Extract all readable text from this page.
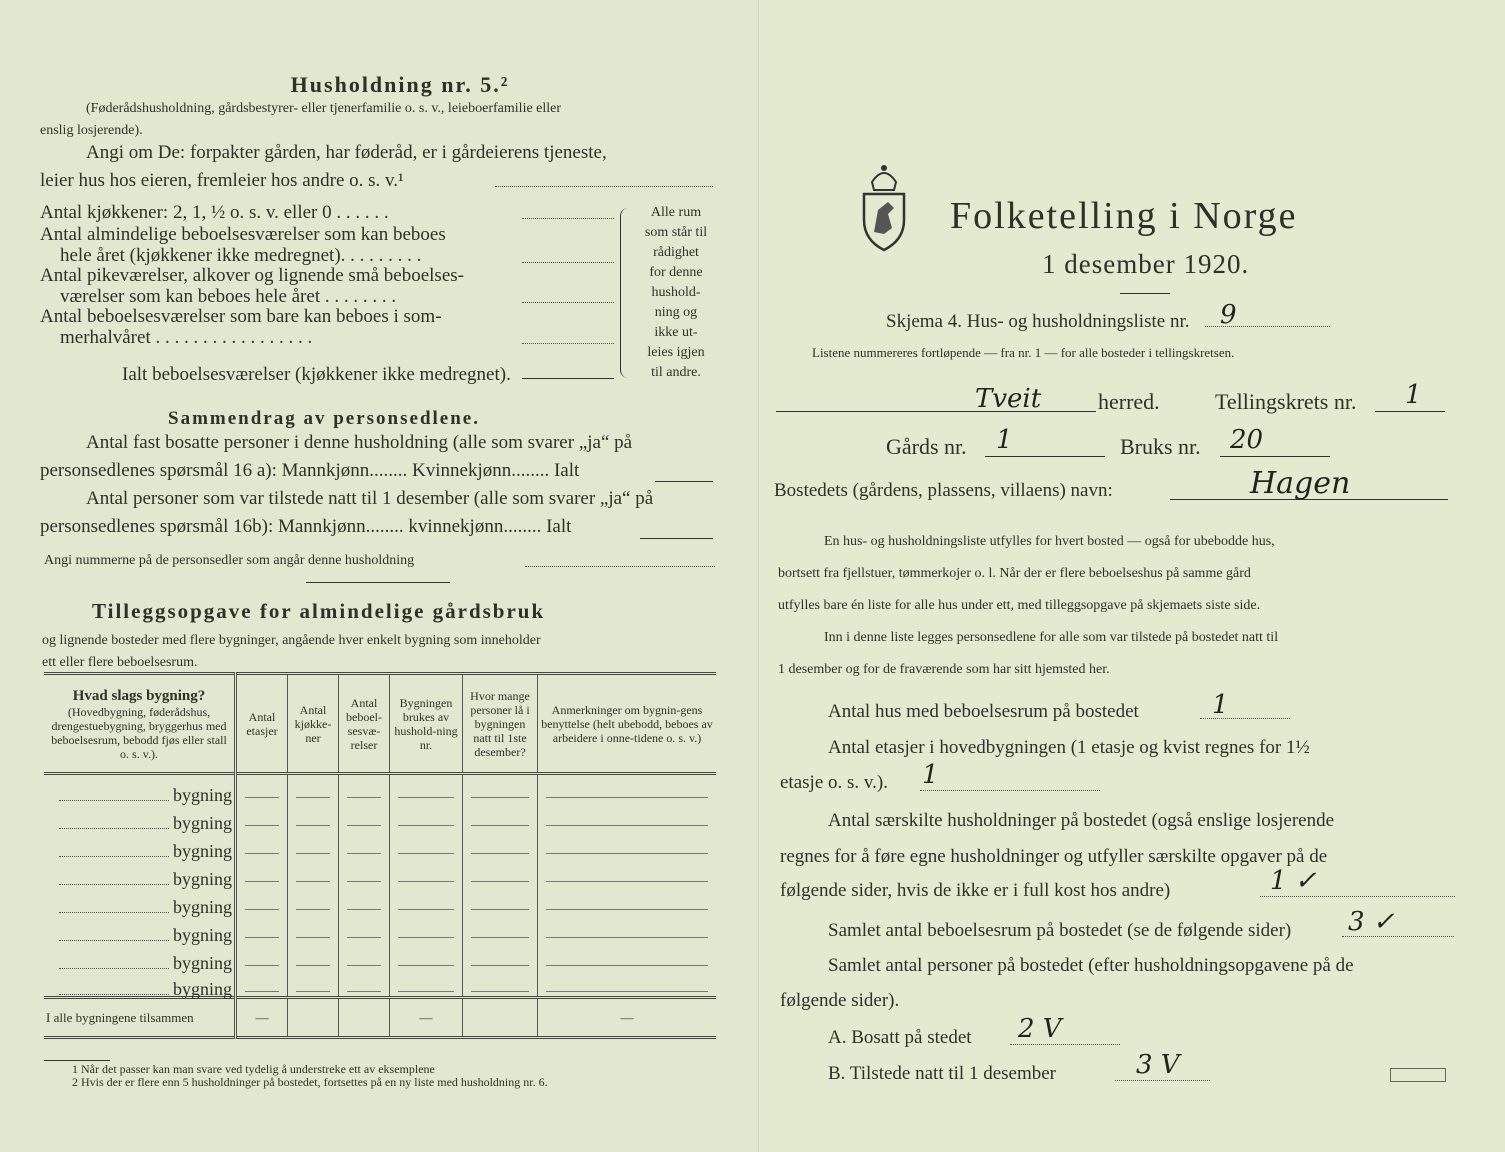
Husholdning nr. 5.²
(Føderådshusholdning, gårdsbestyrer- eller tjenerfamilie o. s. v., leieboerfamilie eller
enslig losjerende).
Angi om De: forpakter gården, har føderåd, er i gårdeierens tjeneste,
leier hus hos eieren, fremleier hos andre o. s. v.¹
Antal kjøkkener: 2, 1, ½ o. s. v. eller 0 . . . . . .
Antal almindelige beboelsesværelser som kan beboes
hele året (kjøkkener ikke medregnet). . . . . . . . .
Antal pikeværelser, alkover og lignende små beboelses-
værelser som kan beboes hele året . . . . . . . .
Antal beboelsesværelser som bare kan beboes i som-
merhalvåret . . . . . . . . . . . . . . . . .
Ialt beboelsesværelser (kjøkkener ikke medregnet).
Alle rum
som står til
rådighet
for denne
hushold-
ning og
ikke ut-
leies igjen
til andre.
Sammendrag av personsedlene.
Antal fast bosatte personer i denne husholdning (alle som svarer „ja“ på
personsedlenes spørsmål 16 a): Mannkjønn........ Kvinnekjønn........ Ialt
Antal personer som var tilstede natt til 1 desember (alle som svarer „ja“ på
personsedlenes spørsmål 16b): Mannkjønn........ kvinnekjønn........ Ialt
Angi nummerne på de personsedler som angår denne husholdning
Tilleggsopgave for almindelige gårdsbruk
og lignende bosteder med flere bygninger, angående hver enkelt bygning som inneholder
ett eller flere beboelsesrum.
Hvad slags bygning?
(Hovedbygning, føderådshus, drengestuebygning, bryggerhus med beboelsesrum, bebodd fjøs eller stall o. s. v.).	Antal etasjer	Antal kjøkke-ner	Antal beboel-sesvæ-relser	Bygningen brukes av hushold-ning nr.	Hvor mange personer lå i bygningen natt til 1ste desember?	Anmerkninger om bygnin-gens benyttelse (helt ubebodd, beboes av arbeidere i onne-tidene o. s. v.)
bygning						
bygning						
bygning						
bygning						
bygning						
bygning						
bygning						
bygning						
I alle bygningene tilsammen	—			—		—
1 Når det passer kan man svare ved tydelig å understreke ett av eksemplene
2 Hvis der er flere enn 5 husholdninger på bostedet, fortsettes på en ny liste med husholdning nr. 6.
Folketelling i Norge
1 desember 1920.
Skjema 4. Hus- og husholdningsliste nr. 9
Listene nummereres fortløpende — fra nr. 1 — for alle bosteder i tellingskretsen.
Tveit	herred.	Tellingskrets nr. 1
Gårds nr. 1	Bruks nr. 20
Bostedets (gårdens, plassens, villaens) navn:	Hagen
En hus- og husholdningsliste utfylles for hvert bosted — også for ubebodde hus,
bortsett fra fjellstuer, tømmerkojer o. l. Når der er flere beboelseshus på samme gård
utfylles bare én liste for alle hus under ett, med tilleggsopgave på skjemaets siste side.
Inn i denne liste legges personsedlene for alle som var tilstede på bostedet natt til
1 desember og for de fraværende som har sitt hjemsted her.
Antal hus med beboelsesrum på bostedet	1
Antal etasjer i hovedbygningen (1 etasje og kvist regnes for 1½
etasje o. s. v.). 1
Antal særskilte husholdninger på bostedet (også enslige losjerende
regnes for å føre egne husholdninger og utfyller særskilte opgaver på de
følgende sider, hvis de ikke er i full kost hos andre)	1 ✓
Samlet antal beboelsesrum på bostedet (se de følgende sider) 3 ✓
Samlet antal personer på bostedet (efter husholdningsopgavene på de
følgende sider).
A. Bosatt på stedet 2 V
B. Tilstede natt til 1 desember	3 V
